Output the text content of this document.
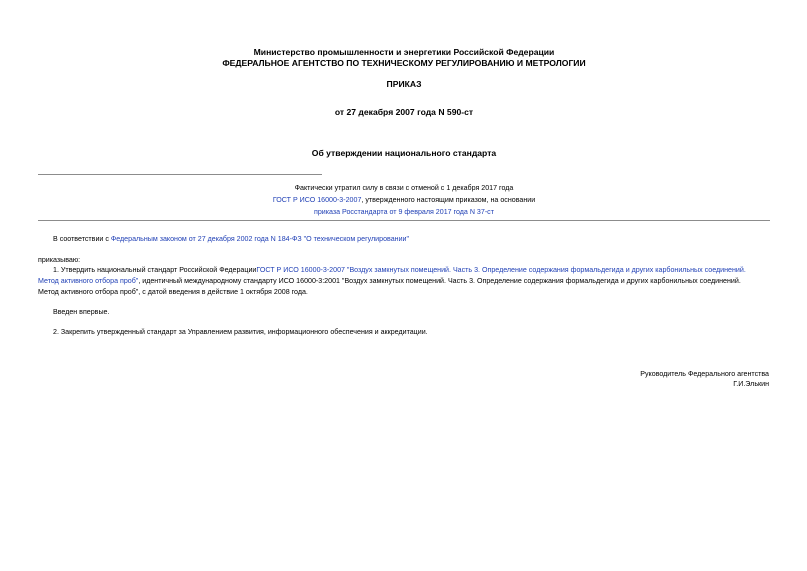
Министерство промышленности и энергетики Российской Федерации
ФЕДЕРАЛЬНОЕ АГЕНТСТВО ПО ТЕХНИЧЕСКОМУ РЕГУЛИРОВАНИЮ И МЕТРОЛОГИИ
ПРИКАЗ
от 27 декабря 2007 года N 590-ст
Об утверждении национального стандарта
Фактически утратил силу в связи с отменой с 1 декабря 2017 года
ГОСТ Р ИСО 16000-3-2007, утвержденного настоящим приказом, на основании
приказа Росстандарта от 9 февраля 2017 года N 37-ст
В соответствии с Федеральным законом от 27 декабря 2002 года N 184-ФЗ "О техническом регулировании"
приказываю:
1. Утвердить национальный стандарт Российской ФедерацииГОСТ Р ИСО 16000-3-2007 "Воздух замкнутых помещений. Часть 3. Определение содержания формальдегида и других карбонильных соединений.
Метод активного отбора проб", идентичный международному стандарту ИСО 16000-3:2001 "Воздух замкнутых помещений. Часть 3. Определение содержания формальдегида и других карбонильных соединений.
Метод активного отбора проб", с датой введения в действие 1 октября 2008 года.
Введен впервые.
2. Закрепить утвержденный стандарт за Управлением развития, информационного обеспечения и аккредитации.
Руководитель Федерального агентства
Г.И.Элькин
